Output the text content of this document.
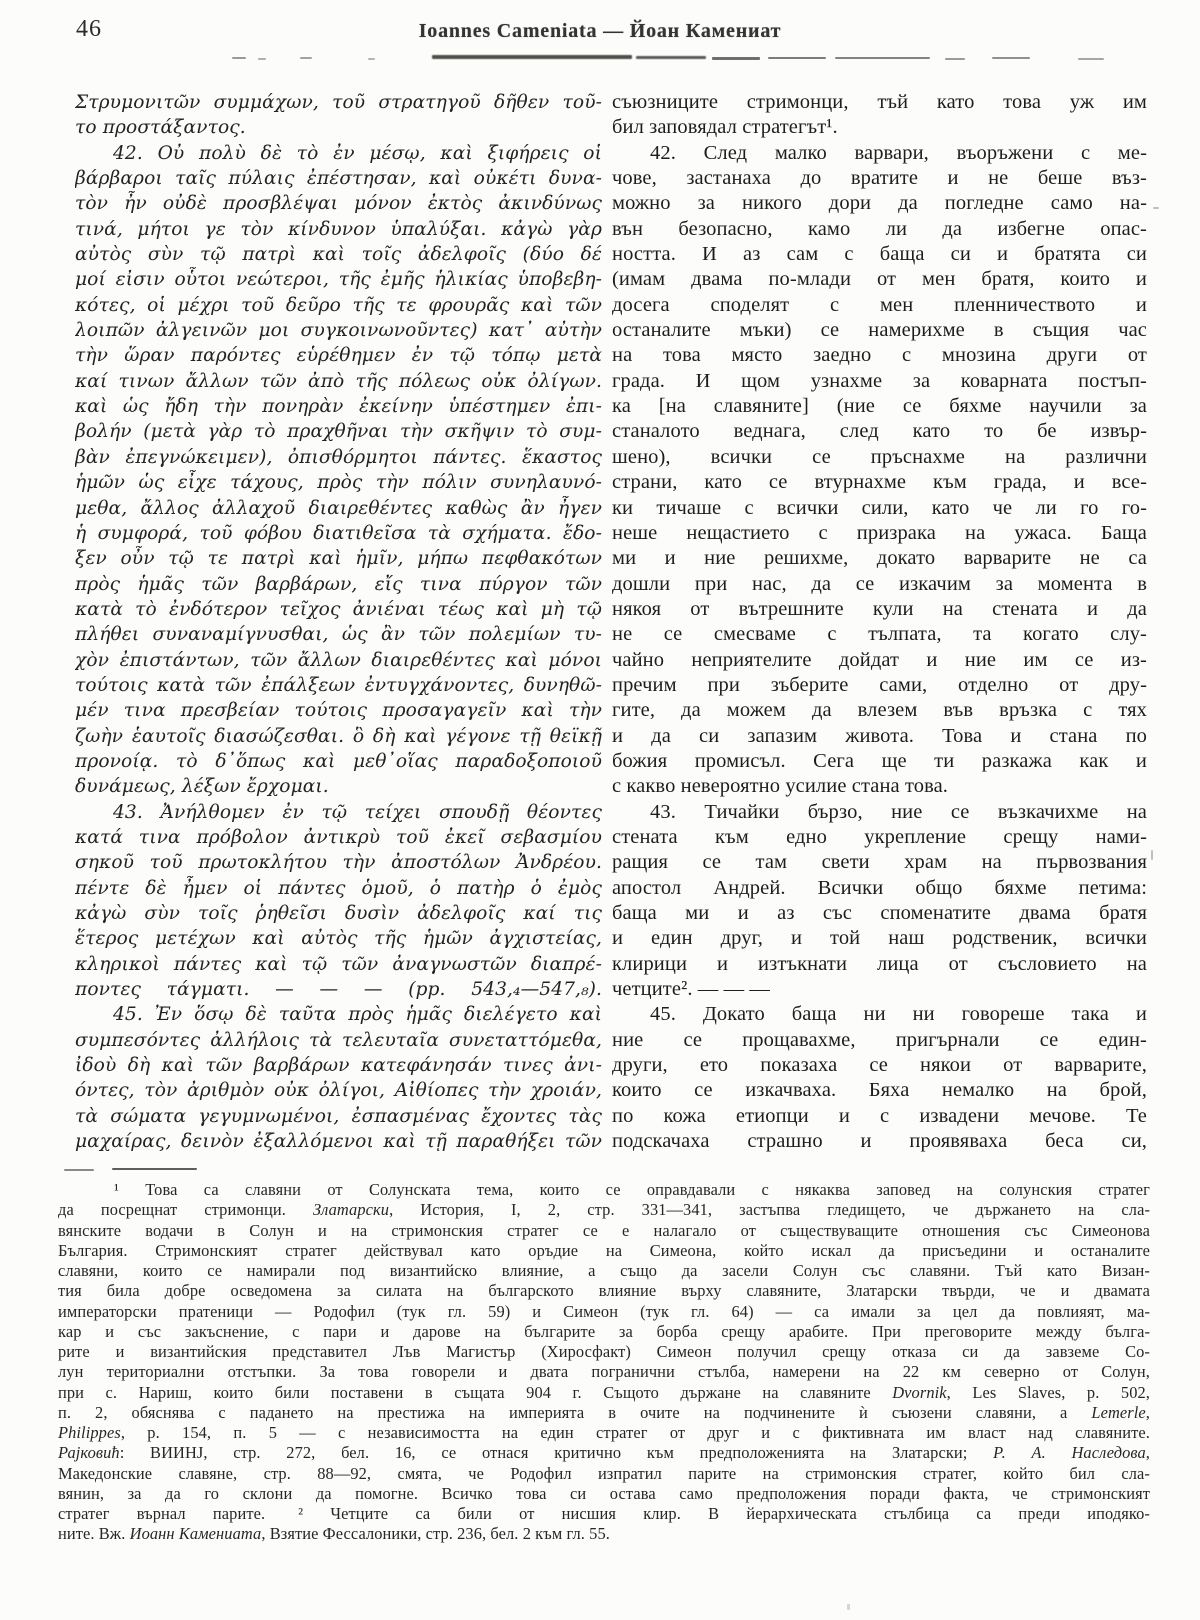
46	Ioannes Cameniata — Йоан Камениат
Στρυμονιτῶν συμμάχων, τοῦ στρατηγοῦ δῆθεν τοῦ-
το προστάξαντος.
42. Οὐ πολὺ δὲ τὸ ἐν μέσῳ, καὶ ξιφήρεις οἱ
βάρβαροι ταῖς πύλαις ἐπέστησαν, καὶ οὐκέτι δυνα-
τὸν ἦν οὐδὲ προσβλέψαι μόνον ἐκτὸς ἀκινδύνως
τινά, μήτοι γε τὸν κίνδυνον ὑπαλύξαι. κἀγὼ γὰρ
αὐτὸς σὺν τῷ πατρὶ καὶ τοῖς ἀδελφοῖς (δύο δέ
μοί εἰσιν οὗτοι νεώτεροι, τῆς ἐμῆς ἡλικίας ὑποβεβη-
κότες, οἱ μέχρι τοῦ δεῦρο τῆς τε φρουρᾶς καὶ τῶν
λοιπῶν ἀλγεινῶν μοι συγκοινωνοῦντες) κατ᾽ αὐτὴν
τὴν ὥραν παρόντες εὑρέθημεν ἐν τῷ τόπῳ μετὰ
καί τινων ἄλλων τῶν ἀπὸ τῆς πόλεως οὐκ ὀλίγων.
καὶ ὡς ἤδη τὴν πονηρὰν ἐκείνην ὑπέστημεν ἐπι-
βολήν (μετὰ γὰρ τὸ πραχθῆναι τὴν σκῆψιν τὸ συμ-
βὰν ἐπεγνώκειμεν), ὀπισθόρμητοι πάντες. ἕκαστος
ἡμῶν ὡς εἶχε τάχους, πρὸς τὴν πόλιν συνηλαυνό-
μεθα, ἄλλος ἀλλαχοῦ διαιρεθέντες καθὼς ἂν ἦγεν
ἡ συμφορά, τοῦ φόβου διατιθεῖσα τὰ σχήματα. ἔδο-
ξεν οὖν τῷ τε πατρὶ καὶ ἡμῖν, μήπω πεφθακότων
πρὸς ἡμᾶς τῶν βαρβάρων, εἴς τινα πύργον τῶν
κατὰ τὸ ἐνδότερον τεῖχος ἀνιέναι τέως καὶ μὴ τῷ
πλήθει συναναμίγνυσθαι, ὡς ἂν τῶν πολεμίων τυ-
χὸν ἐπιστάντων, τῶν ἄλλων διαιρεθέντες καὶ μόνοι
τούτοις κατὰ τῶν ἐπάλξεων ἐντυγχάνοντες, δυνηθῶ-
μέν τινα πρεσβείαν τούτοις προσαγαγεῖν καὶ τὴν
ζωὴν ἑαυτοῖς διασώζεσθαι. ὃ δὴ καὶ γέγονε τῇ θεϊκῇ
προνοίᾳ. τὸ δ᾽ὅπως καὶ μεθ᾽οἵας παραδοξοποιοῦ
δυνάμεως, λέξων ἔρχομαι.
43. Ἀνήλθομεν ἐν τῷ τείχει σπουδῇ θέοντες
κατά τινα πρόβολον ἀντικρὺ τοῦ ἐκεῖ σεβασμίου
σηκοῦ τοῦ πρωτοκλήτου τὴν ἀποστόλων Ἀνδρέου.
πέντε δὲ ἦμεν οἱ πάντες ὁμοῦ, ὁ πατὴρ ὁ ἐμὸς
κἀγὼ σὺν τοῖς ῥηθεῖσι δυσὶν ἀδελφοῖς καί τις
ἕτερος μετέχων καὶ αὐτὸς τῆς ἡμῶν ἀγχιστείας,
κληρικοὶ πάντες καὶ τῷ τῶν ἀναγνωστῶν διαπρέ-
ποντες τάγματι. — — — (pp. 543,₄—547,₈).
45. Ἐν ὅσῳ δὲ ταῦτα πρὸς ἡμᾶς διελέγετο καὶ
συμπεσόντες ἀλλήλοις τὰ τελευταῖα συνεταττόμεθα,
ἰδοὺ δὴ καὶ τῶν βαρβάρων κατεφάνησάν τινες ἀνι-
όντες, τὸν ἀριθμὸν οὐκ ὀλίγοι, Αἰθίοπες τὴν χροιάν,
τὰ σώματα γεγυμνωμένοι, ἐσπασμένας ἔχοντες τὰς
μαχαίρας, δεινὸν ἐξαλλόμενοι καὶ τῇ παραθήξει τῶν
съюзниците стримонци, тъй като това уж им
бил заповядал стратегът¹.
42. След малко варвари, въоръжени с ме-
чове, застанаха до вратите и не беше въз-
можно за никого дори да погледне само на-
вън безопасно, камо ли да избегне опас-
ността. И аз сам с баща си и братята си
(имам двама по-млади от мен братя, които и
досега споделят с мен пленничеството и
останалите мъки) се намерихме в същия час
на това място заедно с мнозина други от
града. И щом узнахме за коварната постъп-
ка [на славяните] (ние се бяхме научили за
станалото веднага, след като то бе извър-
шено), всички се пръснахме на различни
страни, като се втурнахме към града, и все-
ки тичаше с всички сили, като че ли го го-
неше нещастието с призрака на ужаса. Баща
ми и ние решихме, докато варварите не са
дошли при нас, да се изкачим за момента в
някоя от вътрешните кули на стената и да
не се смесваме с тълпата, та когато слу-
чайно неприятелите дойдат и ние им се из-
пречим при зъберите сами, отделно от дру-
гите, да можем да влезем във връзка с тях
и да си запазим живота. Това и стана по
божия промисъл. Сега ще ти разкажа как и
с какво невероятно усилие стана това.
43. Тичайки бързо, ние се възкачихме на
стената към едно укрепление срещу нами-
ращия се там свети храм на първозвания
апостол Андрей. Всички общо бяхме петима:
баща ми и аз със споменатите двама братя
и един друг, и той наш родственик, всички
клирици и изтъкнати лица от съсловието на
четците². — — —
45. Докато баща ни ни говореше така и
ние се прощавахме, пригърнали се един-
други, ето показаха се някои от варварите,
които се изкачваха. Бяха немалко на брой,
по кожа етиопци и с извадени мечове. Те
подскачаха страшно и проявяваха беса си,
¹ Това са славяни от Солунската тема, които се оправдавали с някаква заповед на солунския стратег
да посрещнат стримонци. Златарски, История, I, 2, стр. 331—341, застъпва гледището, че държането на сла-
вянските водачи в Солун и на стримонския стратег се е налагало от съществуващите отношения със Симеонова
България. Стримонският стратег действувал като оръдие на Симеона, който искал да присъедини и останалите
славяни, които се намирали под византийско влияние, а също да засели Солун със славяни. Тъй като Визан-
тия била добре осведомена за силата на българското влияние върху славяните, Златарски твърди, че и двамата
императорски пратеници — Родофил (тук гл. 59) и Симеон (тук гл. 64) — са имали за цел да повлияят, ма-
кар и със закъснение, с пари и дарове на българите за борба срещу арабите. При преговорите между бълга-
рите и византийския представител Лъв Магистър (Хиросфакт) Симеон получил срещу отказа си да завземе Со-
лун териториални отстъпки. За това говорели и двата погранични стълба, намерени на 22 км северно от Солун,
при с. Нариш, които били поставени в същата 904 г. Същото държане на славяните Dvornik, Les Slaves, p. 502,
п. 2, обяснява с падането на престижа на империята в очите на подчинените ѝ съюзени славяни, а Lemerle,
Philippes, p. 154, п. 5 — с независимостта на един стратег от друг и с фиктивната им власт над славяните.
Рајковић: ВИИНЈ, стр. 272, бел. 16, се отнася критично към предположенията на Златарски; Р. А. Наследова,
Македонские славяне, стр. 88—92, смята, че Родофил изпратил парите на стримонския стратег, който бил сла-
вянин, за да го склони да помогне. Всичко това си остава само предположения поради факта, че стримонският
стратег върнал парите.  ² Четците са били от нисшия клир. В йерархическата стълбица са преди иподяко-
ните. Вж. Иоанн Камениата, Взятие Фессалоники, стр. 236, бел. 2 към гл. 55.
